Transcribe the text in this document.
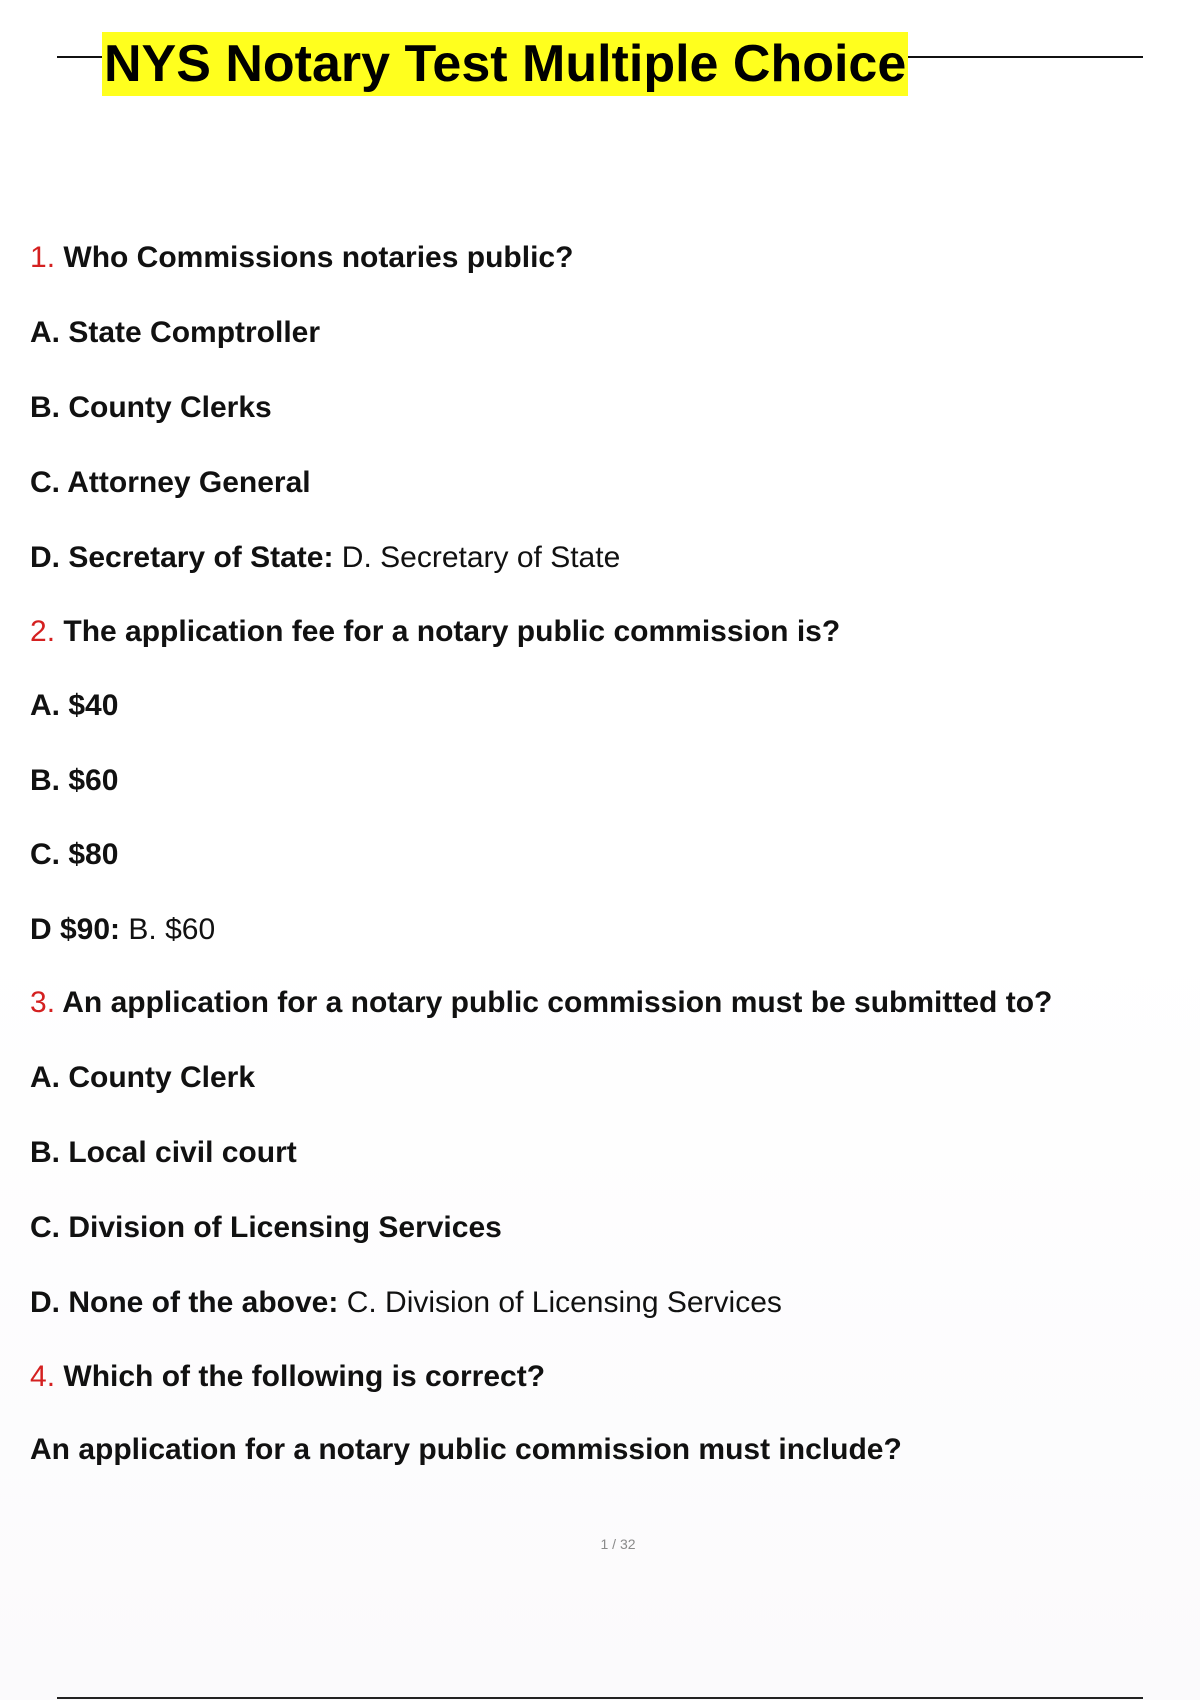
NYS Notary Test Multiple Choice
1. Who Commissions notaries public?
A. State Comptroller
B. County Clerks
C. Attorney General
D. Secretary of State: D. Secretary of State
2. The application fee for a notary public commission is?
A. $40
B. $60
C. $80
D $90: B. $60
3. An application for a notary public commission must be submitted to?
A. County Clerk
B. Local civil court
C. Division of Licensing Services
D. None of the above: C. Division of Licensing Services
4. Which of the following is correct?
An application for a notary public commission must include?
1 / 32
